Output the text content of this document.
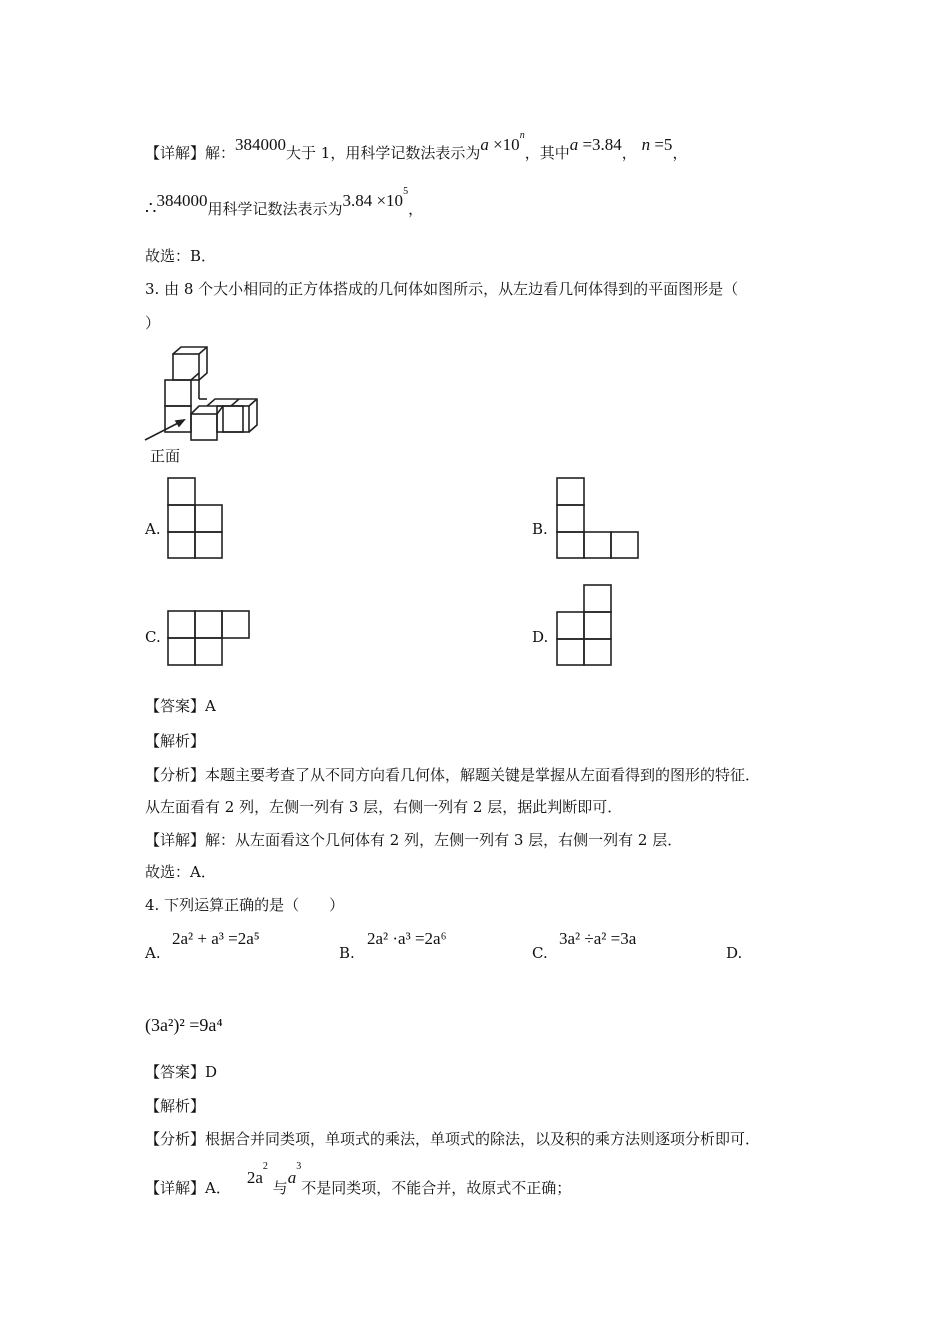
【详解】解：384000大于 1，用科学记数法表示为$a \times 10^n$，其中a =3.84， n =5，
∴384000用科学记数法表示为$3.84 \times 10^5$，
故选：B．
3. 由 8 个大小相同的正方体搭成的几何体如图所示，从左边看几何体得到的平面图形是（
）
正面
A.	B.
C.	D.
【答案】A
【解析】
【分析】本题主要考查了从不同方向看几何体，解题关键是掌握从左面看得到的图形的特征．
从左面看有 2 列，左侧一列有 3 层，右侧一列有 2 层，据此判断即可．
【详解】解：从左面看这个几何体有 2 列，左侧一列有 3 层，右侧一列有 2 层．
故选：A．
4. 下列运算正确的是（　　）
A.
2a² + a³ =2a⁵
B.
2a² ·a³ =2a⁶
C.
3a² ÷a² =3a
D.
(3a²)² =9a⁴
【答案】D
【解析】
【分析】根据合并同类项，单项式的乘法，单项式的除法，以及积的乘方法则逐项分析即可．
【详解】A．$2a^2$ 与$a^3$不是同类项，不能合并，故原式不正确；
